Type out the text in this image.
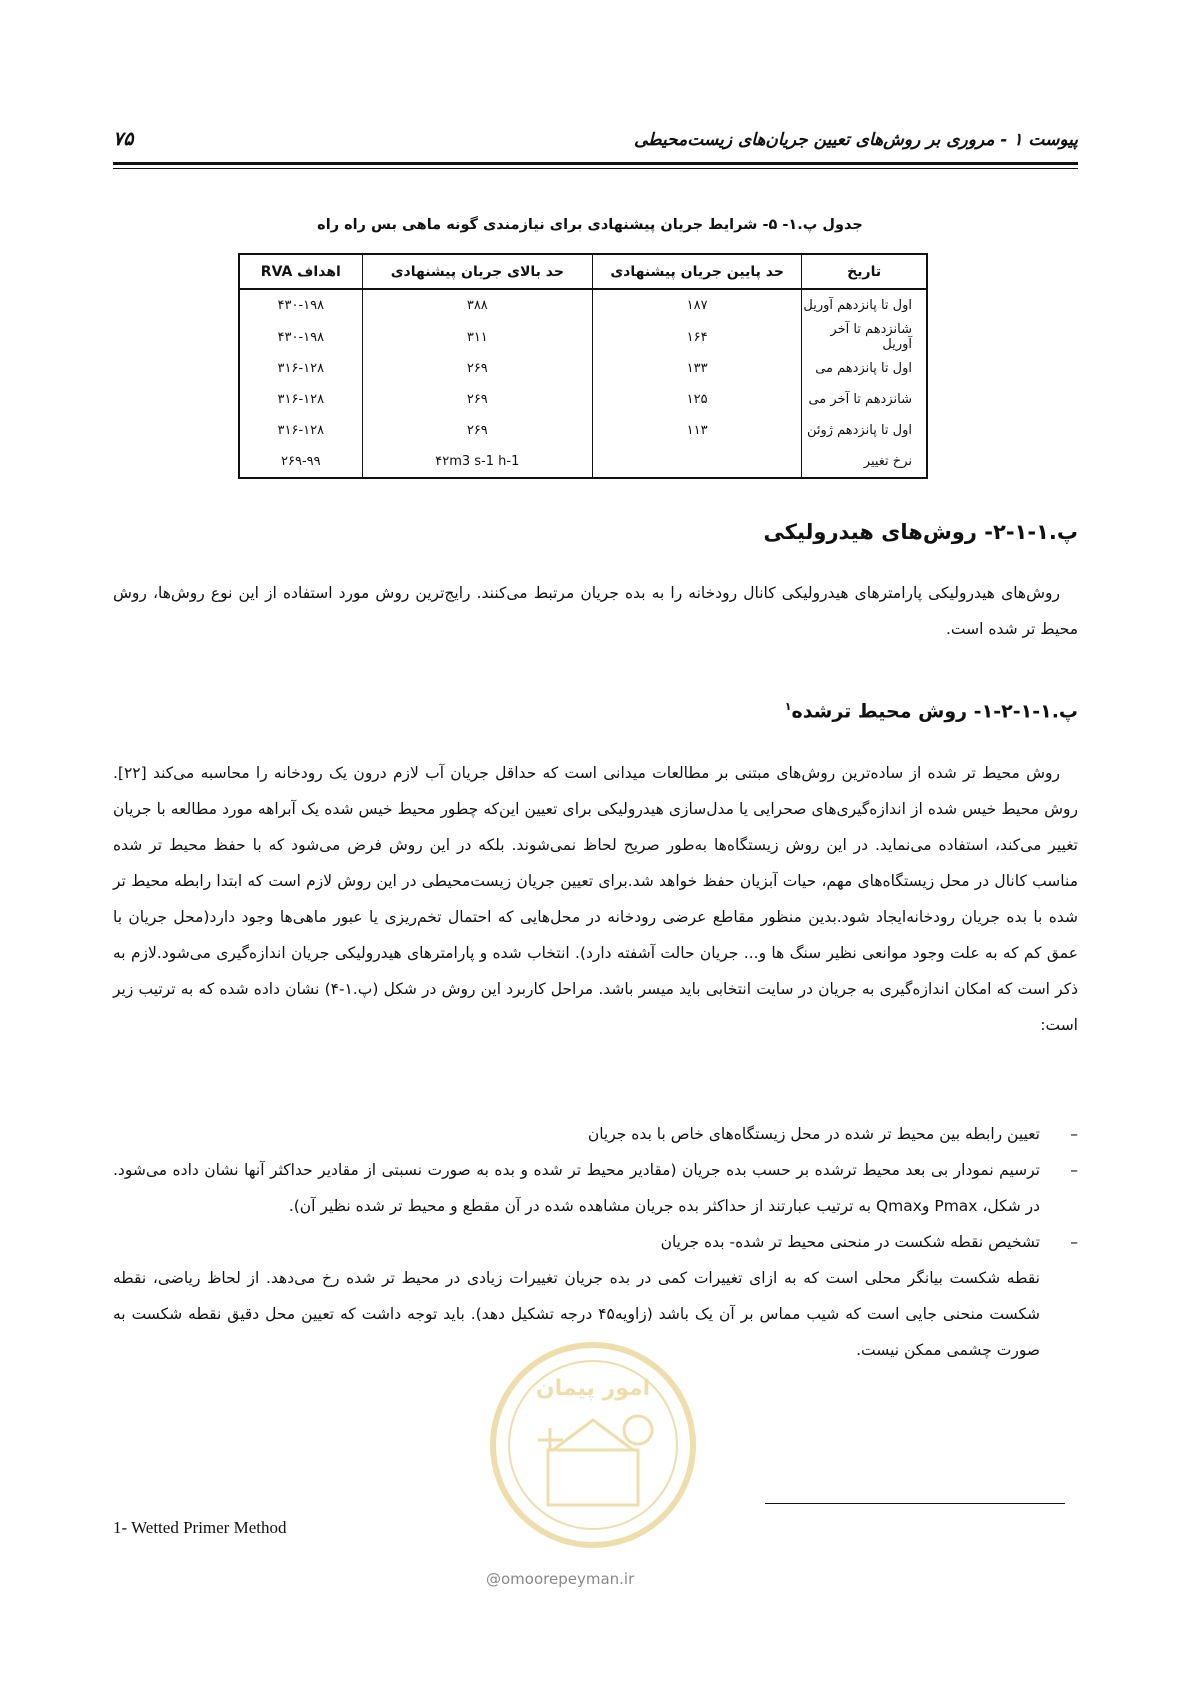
پیوست ۱ - مروری بر روش‌های تعیین جریان‌های زیست‌محیطی
۷۵
جدول پ.۱- ۵- شرایط جریان پیشنهادی برای نیازمندی گونه ماهی بس راه راه
تاریخ	حد پایین جریان پیشنهادی	حد بالای جریان پیشنهادی	اهداف RVA
اول تا پانزدهم آوریل	۱۸۷	۳۸۸	۴۳۰-۱۹۸
شانزدهم تا آخر آوریل	۱۶۴	۳۱۱	۴۳۰-۱۹۸
اول تا پانزدهم می	۱۳۳	۲۶۹	۳۱۶-۱۲۸
شانزدهم تا آخر می	۱۲۵	۲۶۹	۳۱۶-۱۲۸
اول تا پانزدهم ژوئن	۱۱۳	۲۶۹	۳۱۶-۱۲۸
نرخ تغییر		۴۲m3 s-1 h-1	۲۶۹-۹۹
پ.۱-۱-۲- روش‌های هیدرولیکی
روش‌های هیدرولیکی پارامترهای هیدرولیکی کانال رودخانه را به بده جریان مرتبط می‌کنند. رایج‌ترین روش مورد استفاده از این نوع روش‌ها، روش محیط تر شده است.
پ.۱-۱-۲-۱- روش محیط ترشده$^۱$
روش محیط تر شده از ساده‌ترین روش‌های مبتنی بر مطالعات میدانی است که حداقل جریان آب لازم درون یک رودخانه را محاسبه می‌کند [۲۲]. روش محیط خیس شده از اندازه‌گیری‌های صحرایی یا مدل‌سازی هیدرولیکی برای تعیین این‌که چطور محیط خیس شده یک آبراهه مورد مطالعه با جریان تغییر می‌کند، استفاده می‌نماید. در این روش زیستگاه‌ها به‌طور صریح لحاظ نمی‌شوند. بلکه در این روش فرض می‌شود که با حفظ محیط تر شده مناسب کانال در محل زیستگاه‌های مهم، حیات آبزیان حفظ خواهد شد.برای تعیین جریان زیست‌محیطی در این روش لازم است که ابتدا رابطه محیط تر شده با بده جریان رودخانه‌ایجاد شود.بدین منظور مقاطع عرضی رودخانه در محل‌هایی که احتمال تخم‌ریزی یا عبور ماهی‌ها وجود دارد(محل جریان با عمق کم که به علت وجود موانعی نظیر سنگ ها و... جریان حالت آشفته دارد). انتخاب شده و پارامترهای هیدرولیکی جریان اندازه‌گیری می‌شود.لازم به ذکر است که امکان اندازه‌گیری به جریان در سایت انتخابی باید میسر باشد. مراحل کاربرد این روش در شکل (پ.۱-۴) نشان داده شده که به ترتیب زیر است:
–
تعیین رابطه بین محیط تر شده در محل زیستگاه‌های خاص با بده جریان
–
ترسیم نمودار بی بعد محیط ترشده بر حسب بده جریان (مقادیر محیط تر شده و بده به صورت نسبتی از مقادیر حداکثر آنها نشان داده می‌شود. در شکل، Pmax وQmax به ترتیب عبارتند از حداکثر بده جریان مشاهده شده در آن مقطع و محیط تر شده نظیر آن).
–
تشخیص نقطه شکست در منحنی محیط تر شده- بده جریان
نقطه شکست بیانگر محلی است که به ازای تغییرات کمی در بده جریان تغییرات زیادی در محیط تر شده رخ می‌دهد. از لحاظ ریاضی، نقطه شکست منحنی جایی است که شیب مماس بر آن یک باشد (زاویه۴۵ درجه تشکیل دهد). باید توجه داشت که تعیین محل دقیق نقطه شکست به صورت چشمی ممکن نیست.
امور پیمان
@omoorepeyman.ir
1- Wetted Primer Method
